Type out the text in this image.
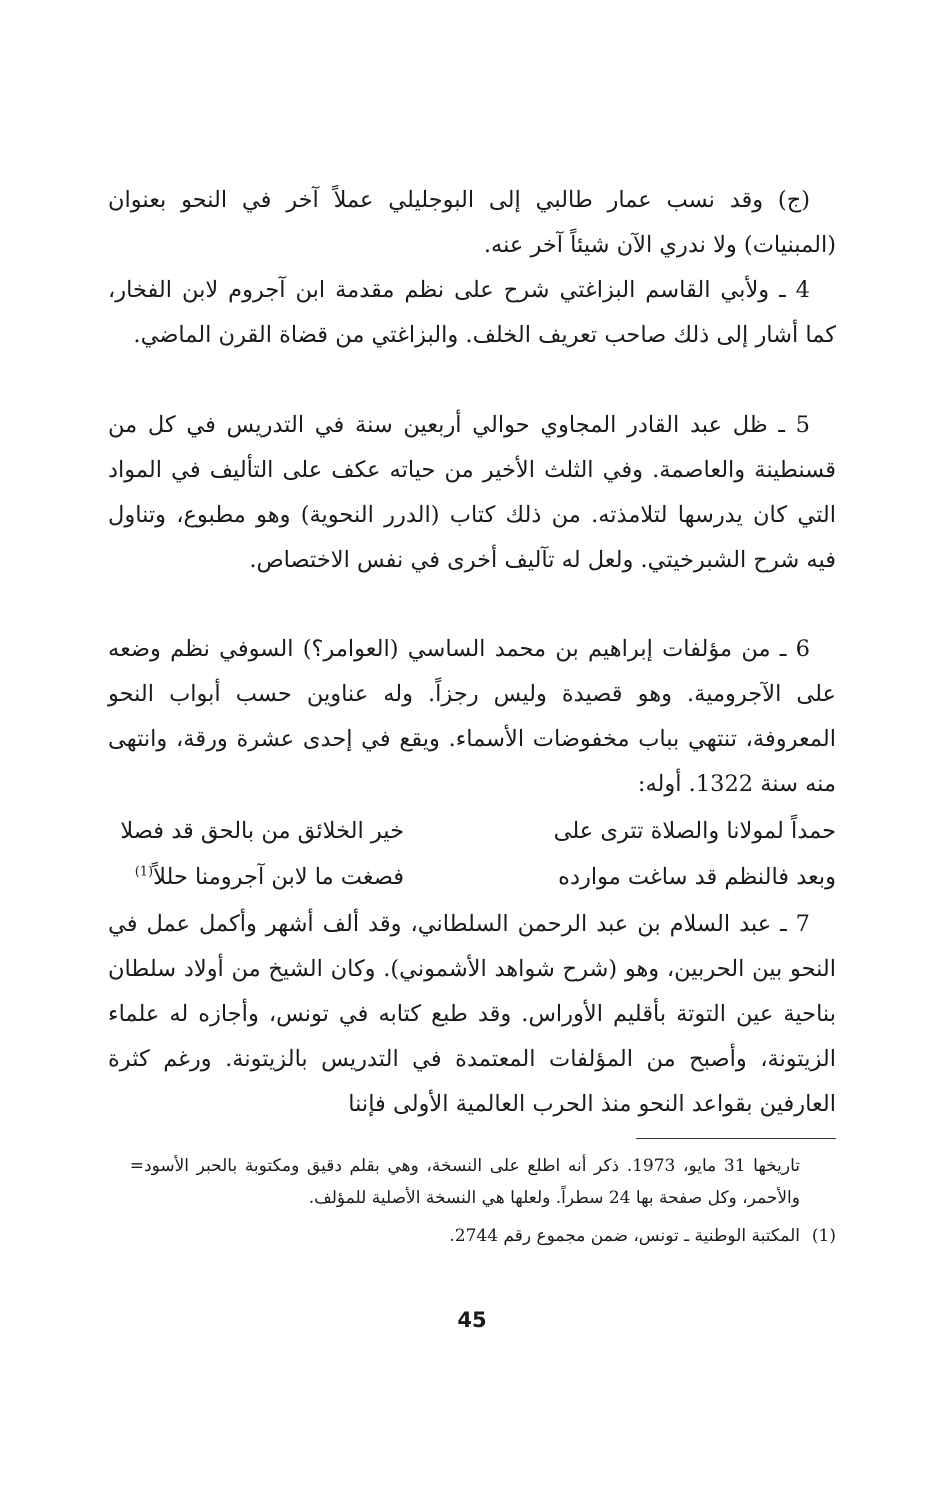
(ج) وقد نسب عمار طالبي إلى البوجليلي عملاً آخر في النحو بعنوان (المبنيات) ولا ندري الآن شيئاً آخر عنه.

4 ـ ولأبي القاسم البزاغتي شرح على نظم مقدمة ابن آجروم لابن الفخار، كما أشار إلى ذلك صاحب تعريف الخلف. والبزاغتي من قضاة القرن الماضي.

5 ـ ظل عبد القادر المجاوي حوالي أربعين سنة في التدريس في كل من قسنطينة والعاصمة. وفي الثلث الأخير من حياته عكف على التأليف في المواد التي كان يدرسها لتلامذته. من ذلك كتاب (الدرر النحوية) وهو مطبوع، وتناول فيه شرح الشبرخيتي. ولعل له تآليف أخرى في نفس الاختصاص.

6 ـ من مؤلفات إبراهيم بن محمد الساسي (العوامر؟) السوفي نظم وضعه على الآجرومية. وهو قصيدة وليس رجزاً. وله عناوين حسب أبواب النحو المعروفة، تنتهي بباب مخفوضات الأسماء. ويقع في إحدى عشرة ورقة، وانتهى منه سنة 1322. أوله:

حمداً لمولانا والصلاة تترى على
خير الخلائق من بالحق قد فصلا
وبعد فالنظم قد ساغت موارده
فصغت ما لابن آجرومنا حللاً$^{(1)}$

7 ـ عبد السلام بن عبد الرحمن السلطاني، وقد ألف أشهر وأكمل عمل في النحو بين الحربين، وهو (شرح شواهد الأشموني). وكان الشيخ من أولاد سلطان بناحية عين التوتة بأقليم الأوراس. وقد طبع كتابه في تونس، وأجازه له علماء الزيتونة، وأصبح من المؤلفات المعتمدة في التدريس بالزيتونة. ورغم كثرة العارفين بقواعد النحو منذ الحرب العالمية الأولى فإننا

= تاريخها 31 مايو، 1973. ذكر أنه اطلع على النسخة، وهي بقلم دقيق ومكتوبة بالحبر الأسود والأحمر، وكل صفحة بها 24 سطراً. ولعلها هي النسخة الأصلية للمؤلف.
(1)
المكتبة الوطنية ـ تونس، ضمن مجموع رقم 2744.
45
